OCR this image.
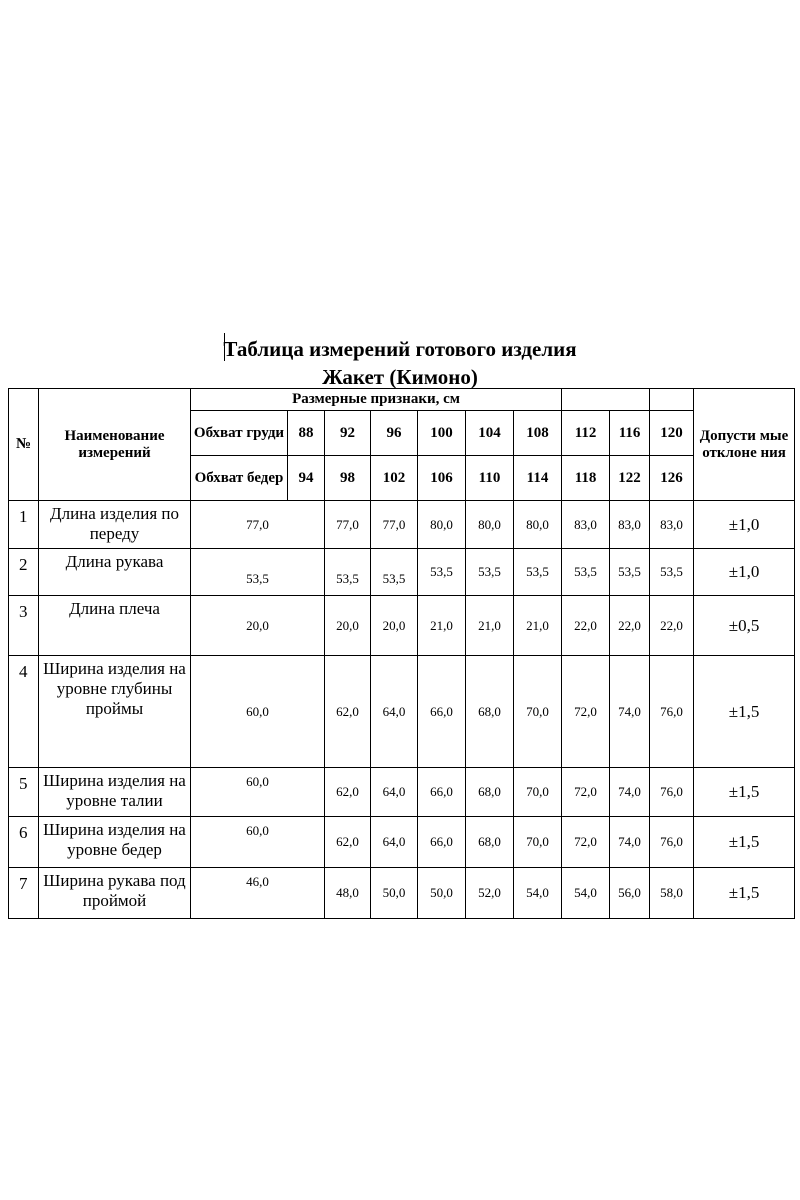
Таблица измерений готового изделия
Жакет (Кимоно)
№	Наименование измерений	Размерные признаки, см										Допусти мые отклоне ния
		Обхват груди	88	92	96	100	104	108	112	116	120	
		Обхват бедер	94	98	102	106	110	114	118	122	126	
1	Длина изделия по переду	77,0		77,0	77,0	80,0	80,0	80,0	83,0	83,0	83,0	±1,0
2	Длина рукава	53,5		53,5	53,5	53,5	53,5	53,5	53,5	53,5	53,5	±1,0
3	Длина плеча	20,0		20,0	20,0	21,0	21,0	21,0	22,0	22,0	22,0	±0,5
4	Ширина изделия на уровне глубины проймы	60,0		62,0	64,0	66,0	68,0	70,0	72,0	74,0	76,0	±1,5
5	Ширина изделия на уровне талии	60,0		62,0	64,0	66,0	68,0	70,0	72,0	74,0	76,0	±1,5
6	Ширина изделия на уровне бедер	60,0		62,0	64,0	66,0	68,0	70,0	72,0	74,0	76,0	±1,5
7	Ширина рукава под проймой	46,0		48,0	50,0	50,0	52,0	54,0	54,0	56,0	58,0	±1,5
